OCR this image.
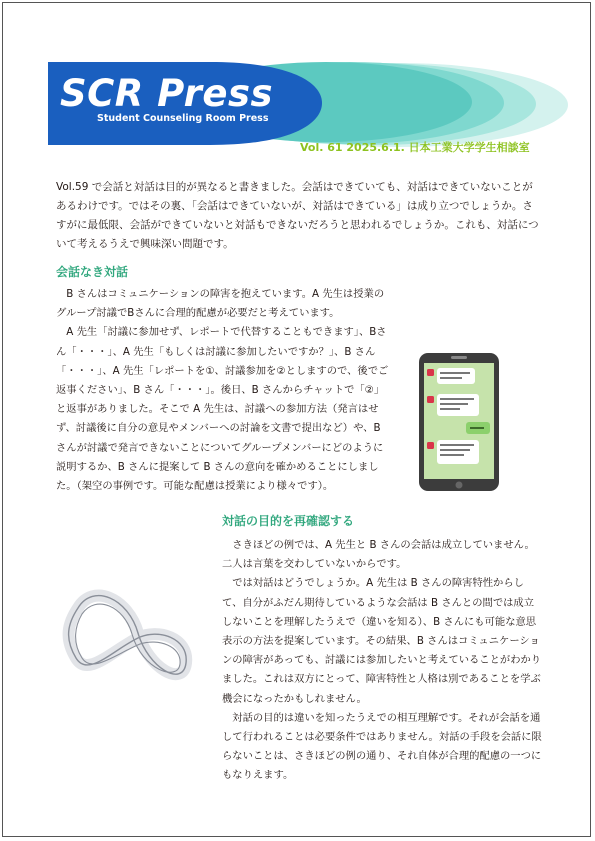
SCR Press
Student Counseling Room Press
Vol. 61 2025.6.1. 日本工業大学学生相談室

Vol.59 で会話と対話は目的が異なると書きました。会話はできていても、対話はできていないことがあるわけです。ではその裏、「会話はできていないが、対話はできている」は成り立つでしょうか。さすがに最低限、会話ができていないと対話もできないだろうと思われるでしょうか。これも、対話について考えるうえで興味深い問題です。

会話なき対話

B さんはコミュニケーションの障害を抱えています。A 先生は授業のグループ討議でBさんに合理的配慮が必要だと考えています。

A 先生「討議に参加せず、レポートで代替することもできます」、Bさん「・・・」、A 先生「もしくは討議に参加したいですか？」、B さん「・・・」、A 先生「レポートを①、討議参加を②としますので、後でご返事ください」、B さん「・・・」。後日、B さんからチャットで「②」と返事がありました。そこで A 先生は、討議への参加方法（発言はせず、討議後に自分の意見やメンバーへの討論を文書で提出など）や、B さんが討議で発言できないことについてグループメンバーにどのように説明するか、B さんに提案して B さんの意向を確かめることにしました。（架空の事例です。可能な配慮は授業により様々です）。

対話の目的を再確認する

さきほどの例では、A 先生と B さんの会話は成立していません。二人は言葉を交わしていないからです。

では対話はどうでしょうか。A 先生は B さんの障害特性からして、自分がふだん期待しているような会話は B さんとの間では成立しないことを理解したうえで（違いを知る）、B さんにも可能な意思表示の方法を提案しています。その結果、B さんはコミュニケーションの障害があっても、討議には参加したいと考えていることがわかりました。これは双方にとって、障害特性と人格は別であることを学ぶ機会になったかもしれません。

対話の目的は違いを知ったうえでの相互理解です。それが会話を通して行われることは必要条件ではありません。対話の手段を会話に限らないことは、さきほどの例の通り、それ自体が合理的配慮の一つにもなりえます。
